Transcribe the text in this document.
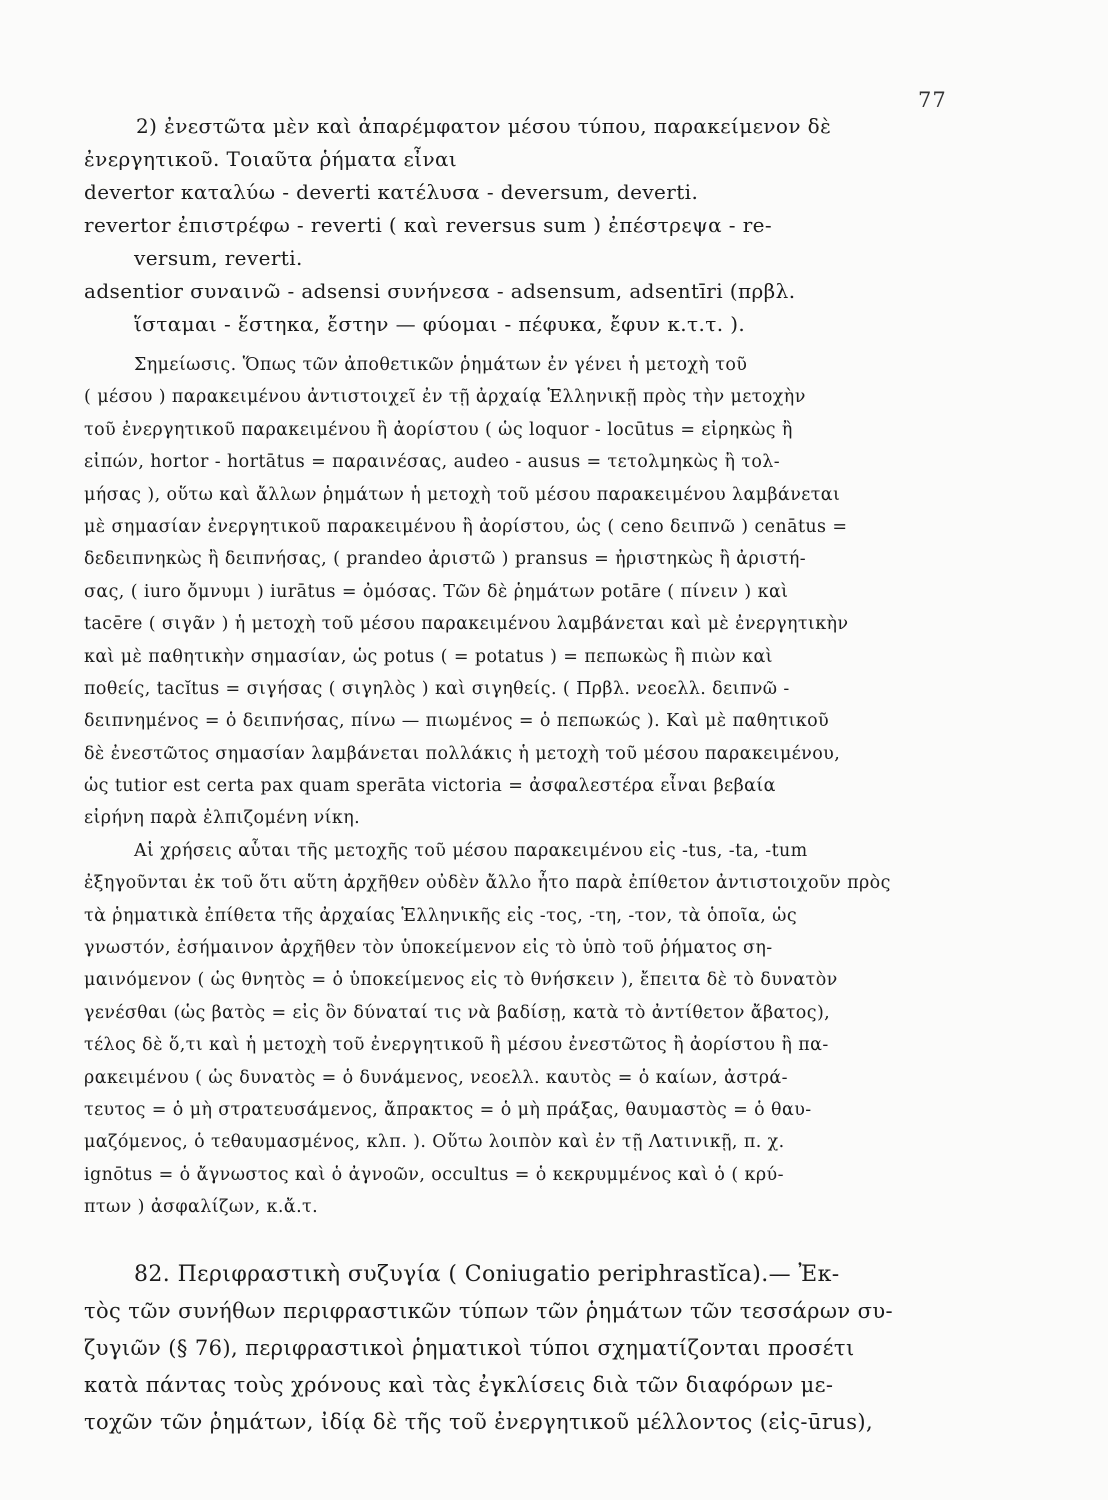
77
2) ἐνεστῶτα μὲν καὶ ἀπαρέμφατον μέσου τύπου, παρακείμενον δὲ
ἐνεργητικοῦ. Τοιαῦτα ῥήματα εἶναι
devertor καταλύω - deverti κατέλυσα - deversum, deverti.
revertor ἐπιστρέφω - reverti ( καὶ reversus sum ) ἐπέστρεψα - re-
versum, reverti.
adsentior συναινῶ - adsensi συνήνεσα - adsensum, adsentīri (πρβλ.
ἵσταμαι - ἕστηκα, ἔστην — φύομαι - πέφυκα, ἔφυν κ.τ.τ. ).
Σημείωσις. Ὅπως τῶν ἀποθετικῶν ῥημάτων ἐν γένει ἡ μετοχὴ τοῦ
( μέσου ) παρακειμένου ἀντιστοιχεῖ ἐν τῇ ἀρχαίᾳ Ἑλληνικῇ πρὸς τὴν μετοχὴν
τοῦ ἐνεργητικοῦ παρακειμένου ἢ ἀορίστου ( ὡς loquor - locūtus = εἰρηκὼς ἢ
εἰπών, hortor - hortātus = παραινέσας, audeo - ausus = τετολμηκὼς ἢ τολ-
μήσας ), οὕτω καὶ ἄλλων ῥημάτων ἡ μετοχὴ τοῦ μέσου παρακειμένου λαμβάνεται
μὲ σημασίαν ἐνεργητικοῦ παρακειμένου ἢ ἀορίστου, ὡς ( ceno δειπνῶ ) cenātus =
δεδειπνηκὼς ἢ δειπνήσας, ( prandeo ἀριστῶ ) pransus = ἠριστηκὼς ἢ ἀριστή-
σας, ( iuro ὄμνυμι ) iurātus = ὀμόσας. Τῶν δὲ ῥημάτων potāre ( πίνειν ) καὶ
tacēre ( σιγᾶν ) ἡ μετοχὴ τοῦ μέσου παρακειμένου λαμβάνεται καὶ μὲ ἐνεργητικὴν
καὶ μὲ παθητικὴν σημασίαν, ὡς potus ( = potatus ) = πεπωκὼς ἢ πιὼν καὶ
ποθείς, tacĭtus = σιγήσας ( σιγηλὸς ) καὶ σιγηθείς. ( Πρβλ. νεοελλ. δειπνῶ -
δειπνημένος = ὁ δειπνήσας, πίνω — πιωμένος = ὁ πεπωκώς ). Καὶ μὲ παθητικοῦ
δὲ ἐνεστῶτος σημασίαν λαμβάνεται πολλάκις ἡ μετοχὴ τοῦ μέσου παρακειμένου,
ὡς tutior est certa pax quam sperāta victoria = ἀσφαλεστέρα εἶναι βεβαία
εἰρήνη παρὰ ἐλπιζομένη νίκη.
Αἱ χρήσεις αὗται τῆς μετοχῆς τοῦ μέσου παρακειμένου εἰς -tus, -ta, -tum
ἐξηγοῦνται ἐκ τοῦ ὅτι αὕτη ἀρχῆθεν οὐδὲν ἄλλο ἦτο παρὰ ἐπίθετον ἀντιστοιχοῦν πρὸς
τὰ ῥηματικὰ ἐπίθετα τῆς ἀρχαίας Ἑλληνικῆς εἰς -τος, -τη, -τον, τὰ ὁποῖα, ὡς
γνωστόν, ἐσήμαινον ἀρχῆθεν τὸν ὑποκείμενον εἰς τὸ ὑπὸ τοῦ ῥήματος ση-
μαινόμενον ( ὡς θνητὸς = ὁ ὑποκείμενος εἰς τὸ θνήσκειν ), ἔπειτα δὲ τὸ δυνατὸν
γενέσθαι (ὡς βατὸς = εἰς ὃν δύναταί τις νὰ βαδίσῃ, κατὰ τὸ ἀντίθετον ἄβατος),
τέλος δὲ ὅ,τι καὶ ἡ μετοχὴ τοῦ ἐνεργητικοῦ ἢ μέσου ἐνεστῶτος ἢ ἀορίστου ἢ πα-
ρακειμένου ( ὡς δυνατὸς = ὁ δυνάμενος, νεοελλ. καυτὸς = ὁ καίων, ἀστρά-
τευτος = ὁ μὴ στρατευσάμενος, ἄπρακτος = ὁ μὴ πράξας, θαυμαστὸς = ὁ θαυ-
μαζόμενος, ὁ τεθαυμασμένος, κλπ. ). Οὕτω λοιπὸν καὶ ἐν τῇ Λατινικῇ, π. χ.
ignōtus = ὁ ἄγνωστος καὶ ὁ ἀγνοῶν, occultus = ὁ κεκρυμμένος καὶ ὁ ( κρύ-
πτων ) ἀσφαλίζων, κ.ἄ.τ.
82. Περιφραστικὴ συζυγία ( Coniugatio periphrastĭca).— Ἐκ-
τὸς τῶν συνήθων περιφραστικῶν τύπων τῶν ῥημάτων τῶν τεσσάρων συ-
ζυγιῶν (§ 76), περιφραστικοὶ ῥηματικοὶ τύποι σχηματίζονται προσέτι
κατὰ πάντας τοὺς χρόνους καὶ τὰς ἐγκλίσεις διὰ τῶν διαφόρων με-
τοχῶν τῶν ῥημάτων, ἰδίᾳ δὲ τῆς τοῦ ἐνεργητικοῦ μέλλοντος (εἰς-ūrus),
